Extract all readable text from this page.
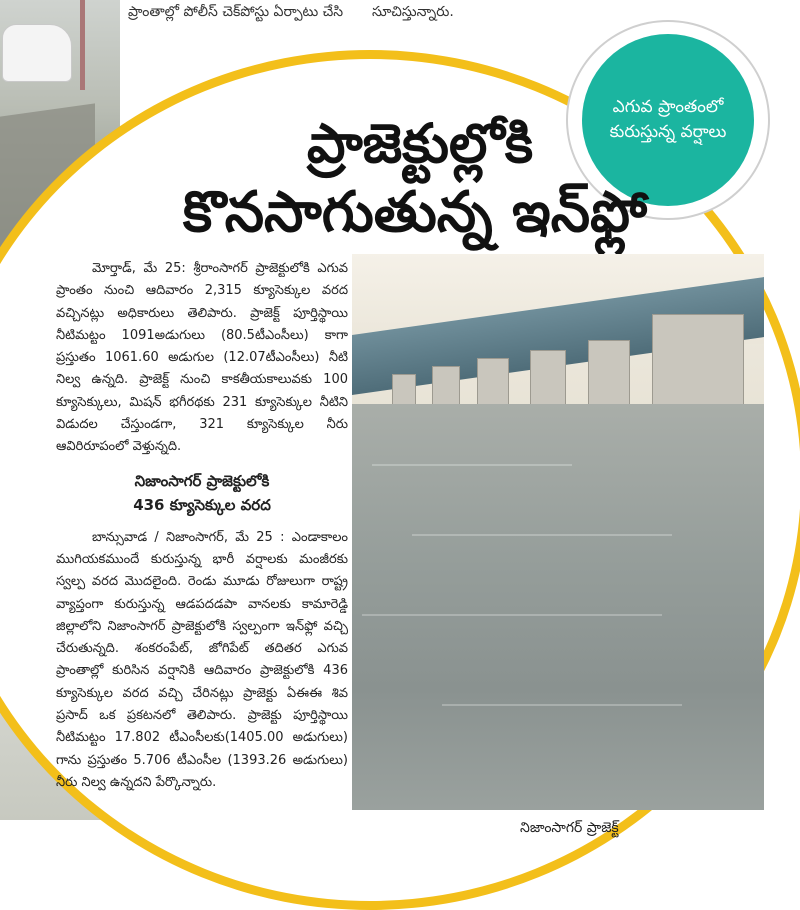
ప్రాంతాల్లో పోలీస్ చెక్‌పోస్టు ఏర్పాటు చేసి సూచిస్తున్నారు.
ఎగువ ప్రాంతంలో కురుస్తున్న వర్షాలు
ప్రాజెక్టుల్లోకి
కొనసాగుతున్న ఇన్‌ఫ్లో

మోర్తాడ్, మే 25: శ్రీరాంసాగర్ ప్రాజెక్టులోకి ఎగువ ప్రాంతం నుంచి ఆదివారం 2,315 క్యూసెక్కుల వరద వచ్చినట్లు అధికారులు తెలిపారు. ప్రాజెక్ట్ పూర్తిస్థాయి నీటిమట్టం 1091అడుగులు (80.5టీఎంసీలు) కాగా ప్రస్తుతం 1061.60 అడుగుల (12.07టీఎంసీలు) నీటి నిల్వ ఉన్నది. ప్రాజెక్ట్ నుంచి కాకతీయకాలువకు 100 క్యూసెక్కులు, మిషన్ భగీరథకు 231 క్యూసెక్కుల నీటిని విడుదల చేస్తుండగా, 321 క్యూసెక్కుల నీరు ఆవిరిరూపంలో వెళ్తున్నది.

నిజాంసాగర్ ప్రాజెక్టులోకి
436 క్యూసెక్కుల వరద

బాన్సువాడ / నిజాంసాగర్, మే 25 : ఎండాకాలం ముగియకముందే కురుస్తున్న భారీ వర్షాలకు మంజీరకు స్వల్ప వరద మొదలైంది. రెండు మూడు రోజులుగా రాష్ట్ర వ్యాప్తంగా కురుస్తున్న ఆడపదడపా వానలకు కామారెడ్డి జిల్లాలోని నిజాంసాగర్ ప్రాజెక్టులోకి స్వల్పంగా ఇన్‌ఫ్లో వచ్చి చేరుతున్నది. శంకరంపేట్, జోగిపేట్ తదితర ఎగువ ప్రాంతాల్లో కురిసిన వర్షానికి ఆదివారం ప్రాజెక్టులోకి 436 క్యూసెక్కుల వరద వచ్చి చేరినట్లు ప్రాజెక్టు ఏఈఈ శివ ప్రసాద్ ఒక ప్రకటనలో తెలిపారు. ప్రాజెక్టు పూర్తిస్థాయి నీటిమట్టం 17.802 టీఎంసీలకు(1405.00 అడుగులు) గాను ప్రస్తుతం 5.706 టీఎంసీల (1393.26 అడుగులు) నీరు నిల్వ ఉన్నదని పేర్కొన్నారు.

నిజాంసాగర్ ప్రాజెక్ట్
